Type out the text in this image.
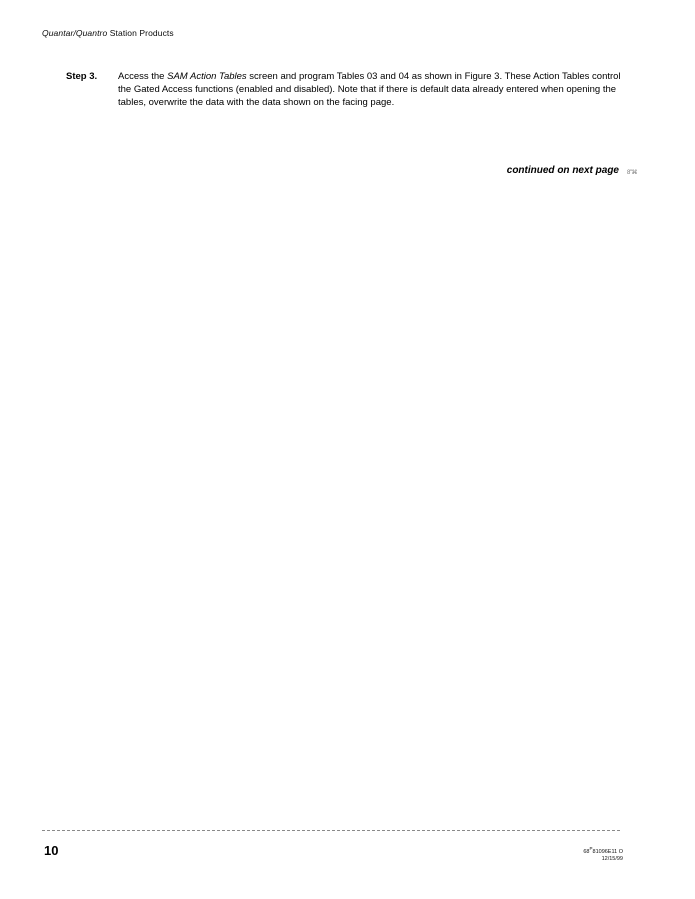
Quantar/Quantro Station Products
Step 3.	Access the SAM Action Tables screen and program Tables 03 and 04 as shown in Figure 3. These Action Tables control the Gated Access functions (enabled and disabled). Note that if there is default data already entered when opening the tables, overwrite the data with the data shown on the facing page.
continued on next page 8"⌘
10	$68^P81096E11$ O
12/15/99
